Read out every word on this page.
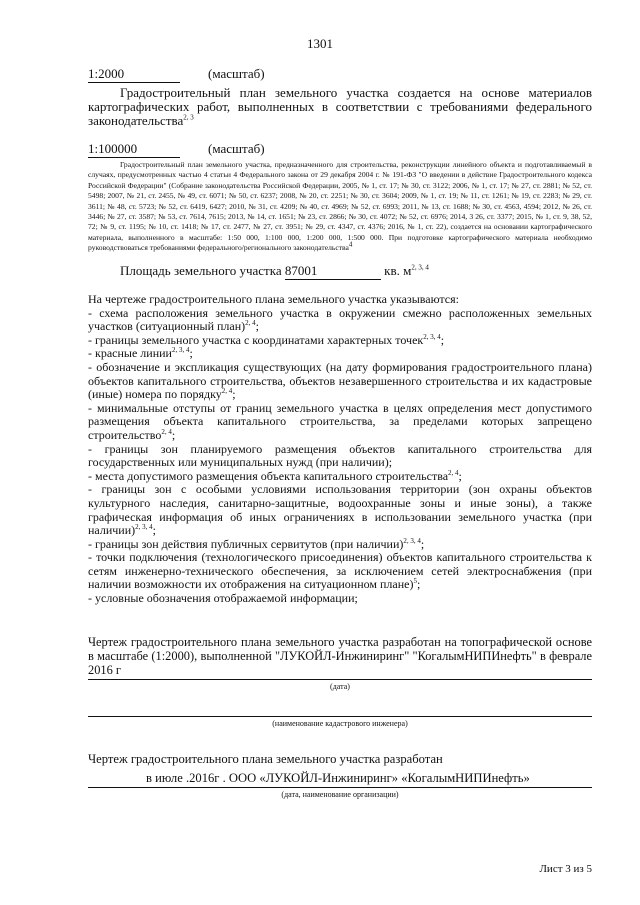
1301
1:2000	(масштаб)
Градостроительный план земельного участка создается на основе материалов картографических работ, выполненных в соответствии с требованиями федерального законодательства$^{2, 3}$
1:100000	(масштаб)
Градостроительный план земельного участка, предназначенного для строительства, реконструкции линейного объекта и подготавливаемый в случаях, предусмотренных частью 4 статьи 4 Федерального закона от 29 декабря 2004 г. № 191-ФЗ "О введении в действие Градостроительного кодекса Российской Федерации" (Собрание законодательства Российской Федерации, 2005, № 1, ст. 17; № 30, ст. 3122; 2006, № 1, ст. 17; № 27, ст. 2881; № 52, ст. 5498; 2007, № 21, ст. 2455, № 49, ст. 6071; № 50, ст. 6237; 2008, № 20, ст. 2251; № 30, ст. 3604; 2009, № 1, ст. 19; № 11, ст. 1261; № 19, ст. 2283; № 29, ст. 3611; № 48, ст. 5723; № 52, ст. 6419, 6427; 2010, № 31, ст. 4209; № 40, ст. 4969; № 52, ст. 6993; 2011, № 13, ст. 1688; № 30, ст. 4563, 4594; 2012, № 26, ст. 3446; № 27, ст. 3587; № 53, ст. 7614, 7615; 2013, № 14, ст. 1651; № 23, ст. 2866; № 30, ст. 4072; № 52, ст. 6976; 2014, 3 26, ст. 3377; 2015, № 1, ст. 9, 38, 52, 72; № 9, ст. 1195; № 10, ст. 1418; № 17, ст. 2477, № 27, ст. 3951; № 29, ст. 4347, ст. 4376; 2016, № 1, ст. 22), создается на основании картографического материала, выполненного в масштабе: 1:50 000, 1:100 000, 1:200 000, 1:500 000. При подготовке картографического материала необходимо руководствоваться требованиями федерального/регионального законодательства$^4$
Площадь земельного участка 87001	кв. $м^{2, 3, 4}$

На чертеже градостроительного плана земельного участка указываются:

- схема расположения земельного участка в окружении смежно расположенных земельных участков (ситуационный план)$^{2, 4}$;

- границы земельного участка с координатами характерных точек$^{2, 3, 4}$;

- красные линии$^{2, 3, 4}$;

- обозначение и экспликация существующих (на дату формирования градостроительного плана) объектов капитального строительства, объектов незавершенного строительства и их кадастровые (иные) номера по порядку$^{2, 4}$;

- минимальные отступы от границ земельного участка в целях определения мест допустимого размещения объекта капитального строительства, за пределами которых запрещено строительство$^{2, 4}$;

- границы зон планируемого размещения объектов капитального строительства для государственных или муниципальных нужд (при наличии);

- места допустимого размещения объекта капитального строительства$^{2, 4}$;

- границы зон с особыми условиями использования территории (зон охраны объектов культурного наследия, санитарно-защитные, водоохранные зоны и иные зоны), а также графическая информация об иных ограничениях в использовании земельного участка (при наличии)$^{2, 3, 4}$;

- границы зон действия публичных сервитутов (при наличии)$^{2, 3, 4}$;

- точки подключения (технологического присоединения) объектов капитального строительства к сетям инженерно-технического обеспечения, за исключением сетей электроснабжения (при наличии возможности их отображения на ситуационном плане)$^5$;

- условные обозначения отображаемой информации;

Чертеж градостроительного плана земельного участка разработан на топографической основе в масштабе (1:2000), выполненной "ЛУКОЙЛ-Инжиниринг" "КогалымНИПИнефть" в феврале 2016 г
(дата)
(наименование кадастрового инженера)
Чертеж градостроительного плана земельного участка разработан
в июле .2016г . ООО «ЛУКОЙЛ-Инжиниринг» «КогалымНИПИнефть»
(дата, наименование организации)
Лист 3 из 5
